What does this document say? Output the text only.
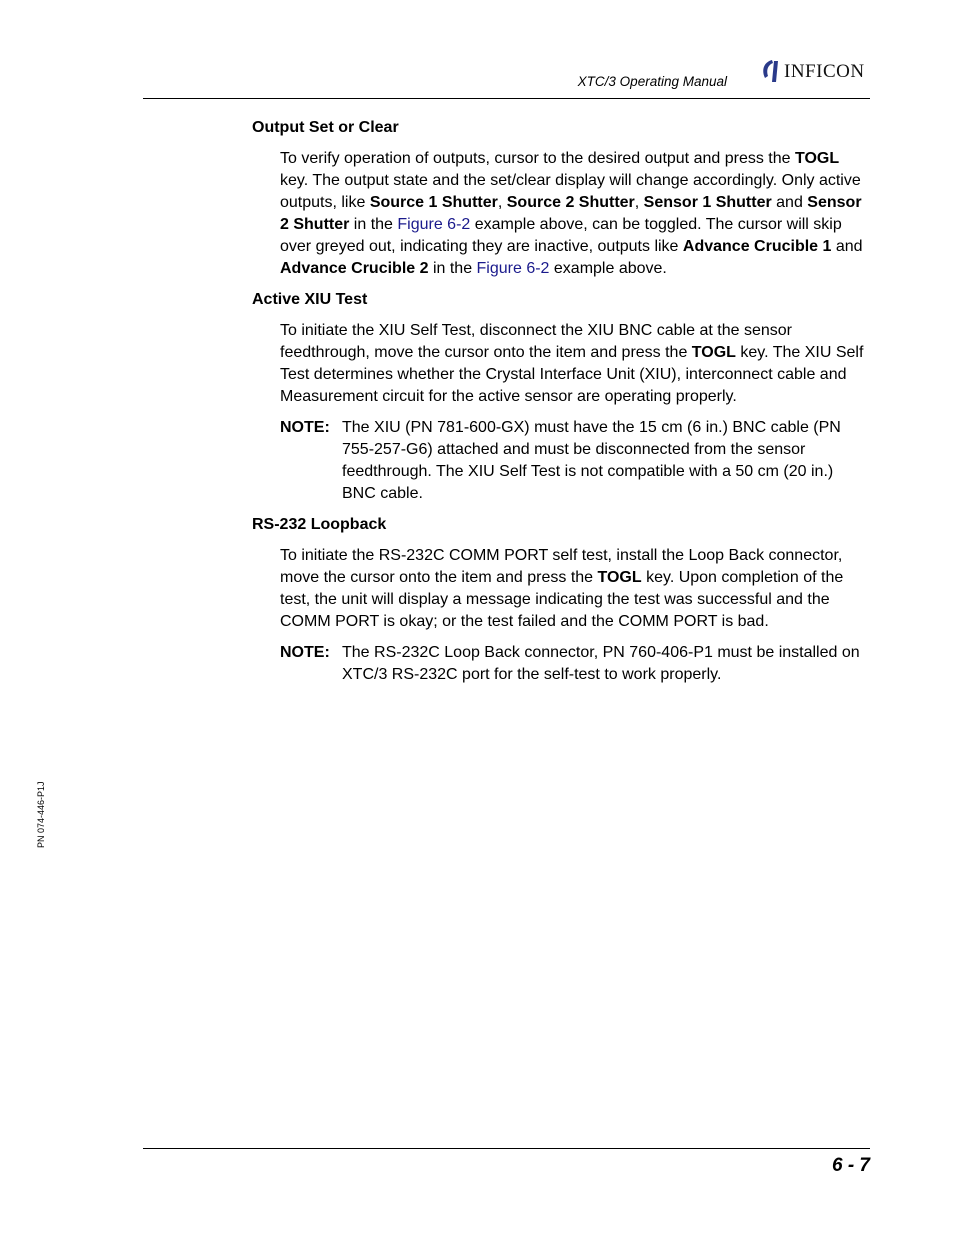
XTC/3 Operating Manual	INFICON
PN 074-446-P1J
Output Set or Clear

To verify operation of outputs, cursor to the desired output and press the TOGL key. The output state and the set/clear display will change accordingly. Only active outputs, like Source 1 Shutter, Source 2 Shutter, Sensor 1 Shutter and Sensor 2 Shutter in the Figure 6-2 example above, can be toggled. The cursor will skip over greyed out, indicating they are inactive, outputs like Advance Crucible 1 and Advance Crucible 2 in the Figure 6-2 example above.

Active XIU Test

To initiate the XIU Self Test, disconnect the XIU BNC cable at the sensor feedthrough, move the cursor onto the item and press the TOGL key. The XIU Self Test determines whether the Crystal Interface Unit (XIU), interconnect cable and Measurement circuit for the active sensor are operating properly.

NOTE: The XIU (PN 781-600-GX) must have the 15 cm (6 in.) BNC cable (PN 755-257-G6) attached and must be disconnected from the sensor feedthrough. The XIU Self Test is not compatible with a 50 cm (20 in.) BNC cable.
RS-232 Loopback

To initiate the RS-232C COMM PORT self test, install the Loop Back connector, move the cursor onto the item and press the TOGL key. Upon completion of the test, the unit will display a message indicating the test was successful and the COMM PORT is okay; or the test failed and the COMM PORT is bad.

NOTE: The RS-232C Loop Back connector, PN 760-406-P1 must be installed on XTC/3 RS-232C port for the self-test to work properly.
6 - 7
